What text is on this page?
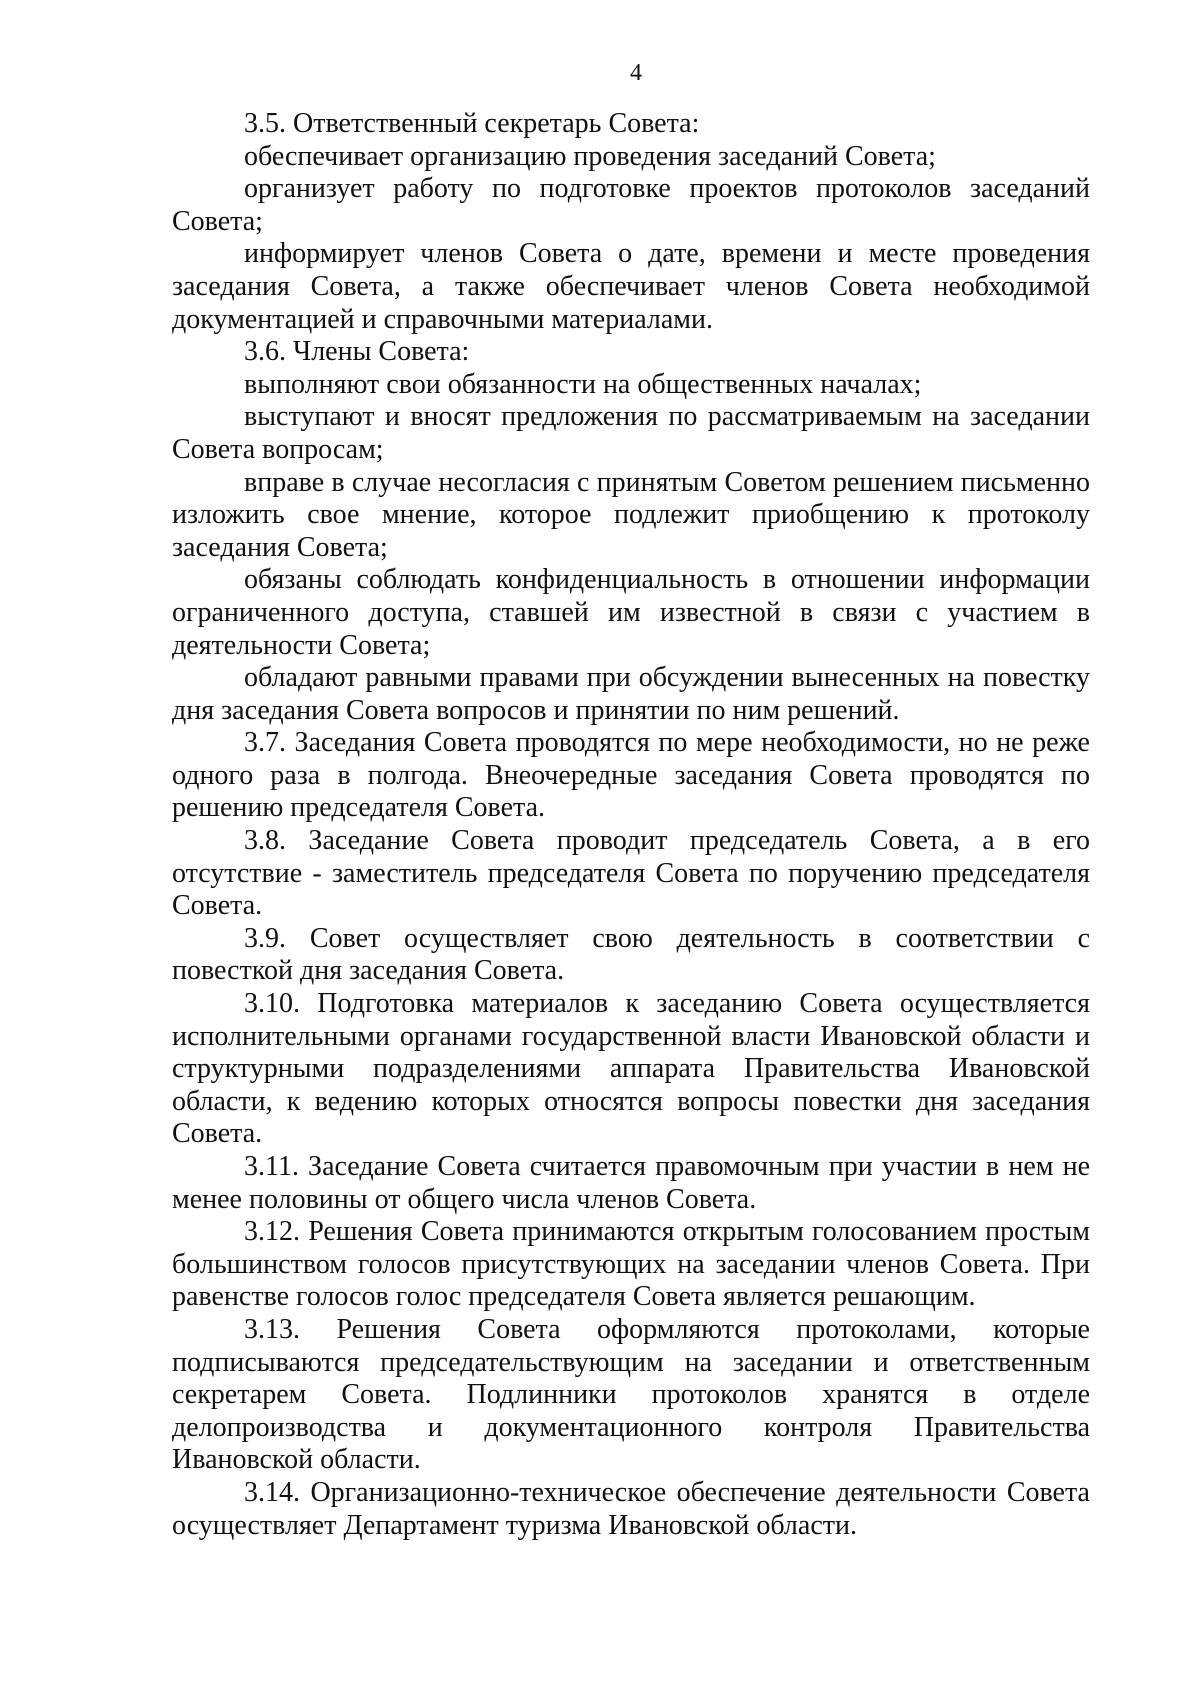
4

3.5. Ответственный секретарь Совета:

обеспечивает организацию проведения заседаний Совета;

организует работу по подготовке проектов протоколов заседаний Совета;

информирует членов Совета о дате, времени и месте проведения заседания Совета, а также обеспечивает членов Совета необходимой документацией и справочными материалами.

3.6. Члены Совета:

выполняют свои обязанности на общественных началах;

выступают и вносят предложения по рассматриваемым на заседании Совета вопросам;

вправе в случае несогласия с принятым Советом решением письменно изложить свое мнение, которое подлежит приобщению к протоколу заседания Совета;

обязаны соблюдать конфиденциальность в отношении информации ограниченного доступа, ставшей им известной в связи с участием в деятельности Совета;

обладают равными правами при обсуждении вынесенных на повестку дня заседания Совета вопросов и принятии по ним решений.

3.7. Заседания Совета проводятся по мере необходимости, но не реже одного раза в полгода. Внеочередные заседания Совета проводятся по решению председателя Совета.

3.8. Заседание Совета проводит председатель Совета, а в его отсутствие - заместитель председателя Совета по поручению председателя Совета.

3.9. Совет осуществляет свою деятельность в соответствии с повесткой дня заседания Совета.

3.10. Подготовка материалов к заседанию Совета осуществляется исполнительными органами государственной власти Ивановской области и структурными подразделениями аппарата Правительства Ивановской области, к ведению которых относятся вопросы повестки дня заседания Совета.

3.11. Заседание Совета считается правомочным при участии в нем не менее половины от общего числа членов Совета.

3.12. Решения Совета принимаются открытым голосованием простым большинством голосов присутствующих на заседании членов Совета. При равенстве голосов голос председателя Совета является решающим.

3.13. Решения Совета оформляются протоколами, которые подписываются председательствующим на заседании и ответственным секретарем Совета. Подлинники протоколов хранятся в отделе делопроизводства и документационного контроля Правительства Ивановской области.

3.14. Организационно-техническое обеспечение деятельности Совета осуществляет Департамент туризма Ивановской области.
